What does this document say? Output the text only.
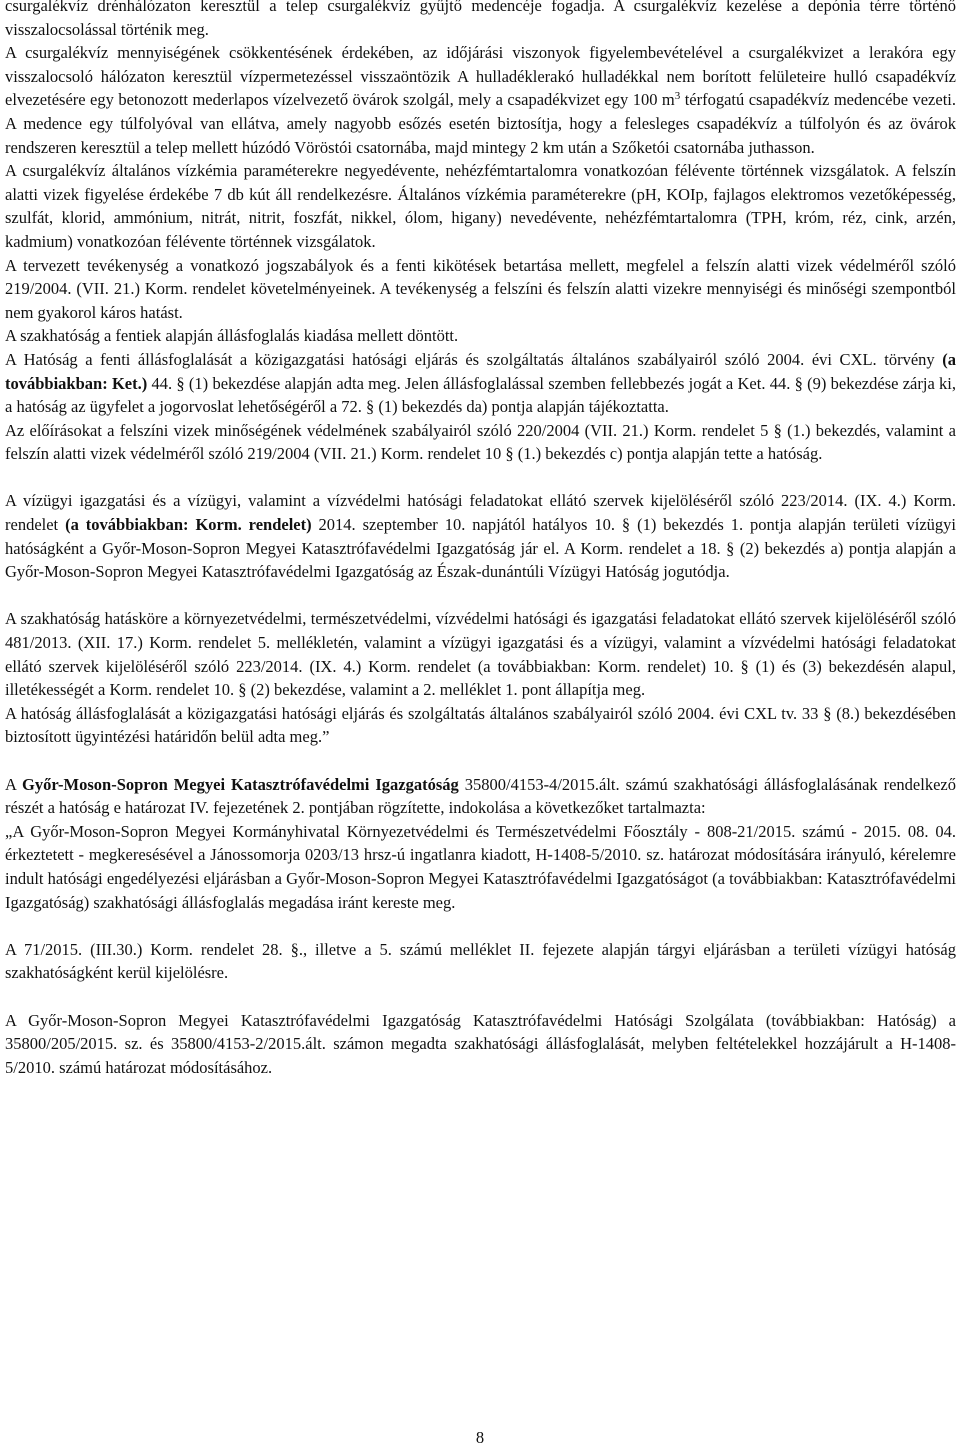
csurgalékvíz drénhálózaton keresztül a telep csurgalékvíz gyűjtő medencéje fogadja. A csurgalékvíz kezelése a depónia térre történő visszalocsolással történik meg.

A csurgalékvíz mennyiségének csökkentésének érdekében, az időjárási viszonyok figyelembevételével a csurgalékvizet a lerakóra egy visszalocsoló hálózaton keresztül vízpermetezéssel visszaöntözik A hulladéklerakó hulladékkal nem borított felületeire hulló csapadékvíz elvezetésére egy betonozott mederlapos vízelvezető övárok szolgál, mely a csapadékvizet egy 100 $m^3$ térfogatú csapadékvíz medencébe vezeti. A medence egy túlfolyóval van ellátva, amely nagyobb esőzés esetén biztosítja, hogy a felesleges csapadékvíz a túlfolyón és az övárok rendszeren keresztül a telep mellett húzódó Vöröstói csatornába, majd mintegy 2 km után a Szőketói csatornába juthasson.

A csurgalékvíz általános vízkémia paraméterekre negyedévente, nehézfémtartalomra vonatkozóan félévente történnek vizsgálatok. A felszín alatti vizek figyelése érdekébe 7 db kút áll rendelkezésre. Általános vízkémia paraméterekre (pH, KOIp, fajlagos elektromos vezetőképesség, szulfát, klorid, ammónium, nitrát, nitrit, foszfát, nikkel, ólom, higany) nevedévente, nehézfémtartalomra (TPH, króm, réz, cink, arzén, kadmium) vonatkozóan félévente történnek vizsgálatok.

A tervezett tevékenység a vonatkozó jogszabályok és a fenti kikötések betartása mellett, megfelel a felszín alatti vizek védelméről szóló 219/2004. (VII. 21.) Korm. rendelet követelményeinek. A tevékenység a felszíni és felszín alatti vizekre mennyiségi és minőségi szempontból nem gyakorol káros hatást.

A szakhatóság a fentiek alapján állásfoglalás kiadása mellett döntött.

A Hatóság a fenti állásfoglalását a közigazgatási hatósági eljárás és szolgáltatás általános szabályairól szóló 2004. évi CXL. törvény (a továbbiakban: Ket.) 44. § (1) bekezdése alapján adta meg. Jelen állásfoglalással szemben fellebbezés jogát a Ket. 44. § (9) bekezdése zárja ki, a hatóság az ügyfelet a jogorvoslat lehetőségéről a 72. § (1) bekezdés da) pontja alapján tájékoztatta.

Az előírásokat a felszíni vizek minőségének védelmének szabályairól szóló 220/2004 (VII. 21.) Korm. rendelet 5 § (1.) bekezdés, valamint a felszín alatti vizek védelméről szóló 219/2004 (VII. 21.) Korm. rendelet 10 § (1.) bekezdés c) pontja alapján tette a hatóság.

A vízügyi igazgatási és a vízügyi, valamint a vízvédelmi hatósági feladatokat ellátó szervek kijelöléséről szóló 223/2014. (IX. 4.) Korm. rendelet (a továbbiakban: Korm. rendelet) 2014. szeptember 10. napjától hatályos 10. § (1) bekezdés 1. pontja alapján területi vízügyi hatóságként a Győr-Moson-Sopron Megyei Katasztrófavédelmi Igazgatóság jár el. A Korm. rendelet a 18. § (2) bekezdés a) pontja alapján a Győr-Moson-Sopron Megyei Katasztrófavédelmi Igazgatóság az Észak-dunántúli Vízügyi Hatóság jogutódja.

A szakhatóság hatásköre a környezetvédelmi, természetvédelmi, vízvédelmi hatósági és igazgatási feladatokat ellátó szervek kijelöléséről szóló 481/2013. (XII. 17.) Korm. rendelet 5. mellékletén, valamint a vízügyi igazgatási és a vízügyi, valamint a vízvédelmi hatósági feladatokat ellátó szervek kijelöléséről szóló 223/2014. (IX. 4.) Korm. rendelet (a továbbiakban: Korm. rendelet) 10. § (1) és (3) bekezdésén alapul, illetékességét a Korm. rendelet 10. § (2) bekezdése, valamint a 2. melléklet 1. pont állapítja meg.

A hatóság állásfoglalását a közigazgatási hatósági eljárás és szolgáltatás általános szabályairól szóló 2004. évi CXL tv. 33 § (8.) bekezdésében biztosított ügyintézési határidőn belül adta meg.”

A Győr-Moson-Sopron Megyei Katasztrófavédelmi Igazgatóság 35800/4153-4/2015.ált. számú szakhatósági állásfoglalásának rendelkező részét a hatóság e határozat IV. fejezetének 2. pontjában rögzítette, indokolása a következőket tartalmazta:

„A Győr-Moson-Sopron Megyei Kormányhivatal Környezetvédelmi és Természetvédelmi Főosztály - 808-21/2015. számú - 2015. 08. 04. érkeztetett - megkeresésével a Jánossomorja 0203/13 hrsz-ú ingatlanra kiadott, H-1408-5/2010. sz. határozat módosítására irányuló, kérelemre indult hatósági engedélyezési eljárásban a Győr-Moson-Sopron Megyei Katasztrófavédelmi Igazgatóságot (a továbbiakban: Katasztrófavédelmi Igazgatóság) szakhatósági állásfoglalás megadása iránt kereste meg.

A 71/2015. (III.30.) Korm. rendelet 28. §., illetve a 5. számú melléklet II. fejezete alapján tárgyi eljárásban a területi vízügyi hatóság szakhatóságként kerül kijelölésre.

A Győr-Moson-Sopron Megyei Katasztrófavédelmi Igazgatóság Katasztrófavédelmi Hatósági Szolgálata (továbbiakban: Hatóság) a 35800/205/2015. sz. és 35800/4153-2/2015.ált. számon megadta szakhatósági állásfoglalását, melyben feltételekkel hozzájárult a H-1408-5/2010. számú határozat módosításához.

8
